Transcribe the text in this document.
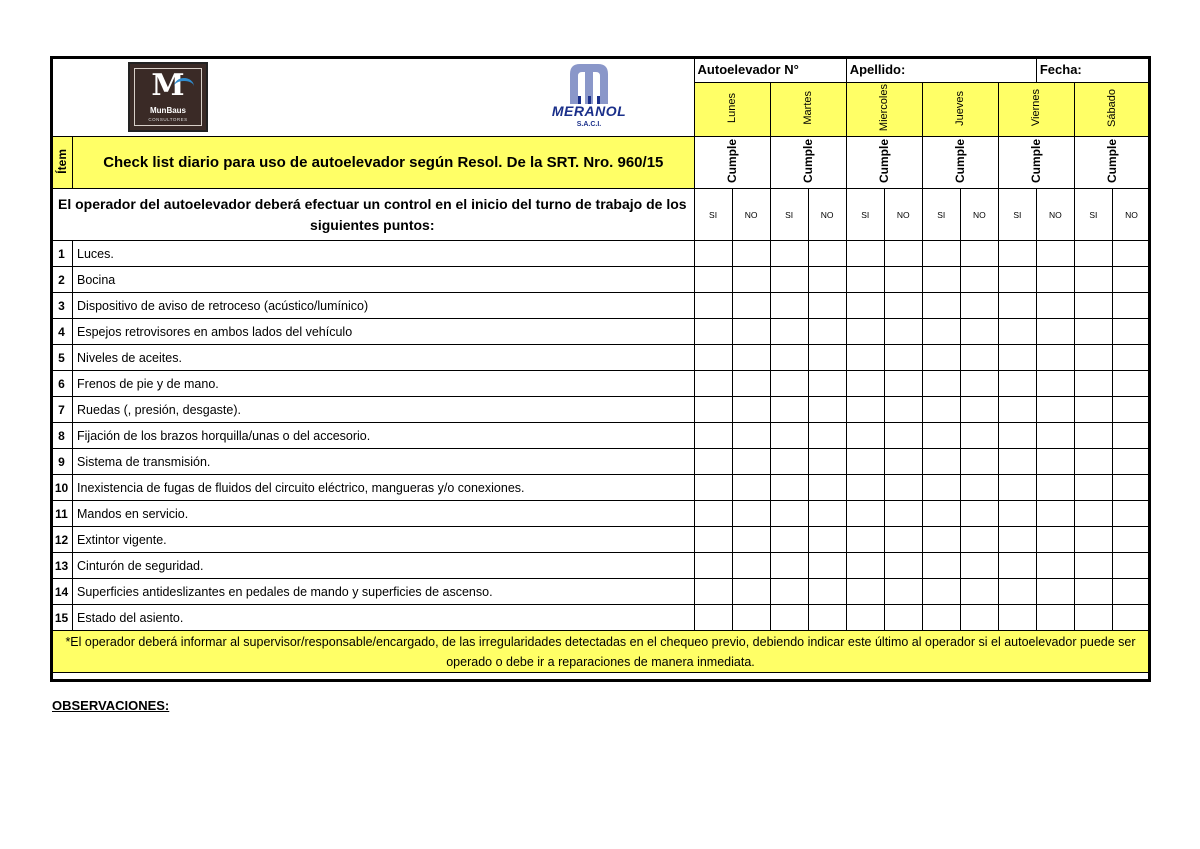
		Autoelevador N°				Apellido:					Fecha:		
		Lunes		Martes		Miercoles		Jueves		Viernes		Sábado	
Ítem	Check list diario para uso de autoelevador según Resol. De la SRT. Nro. 960/15	Cumple		Cumple		Cumple		Cumple		Cumple		Cumple	
El operador del autoelevador deberá efectuar un control en el inicio del turno de trabajo de los siguientes puntos:		SI	NO	SI	NO	SI	NO	SI	NO	SI	NO	SI	NO
1	Luces.												
2	Bocina												
3	Dispositivo de aviso de retroceso (acústico/lumínico)												
4	Espejos retrovisores en ambos lados del vehículo												
5	Niveles de aceites.												
6	Frenos de pie y de mano.												
7	Ruedas (, presión, desgaste).												
8	Fijación de los brazos horquilla/unas o del accesorio.												
9	Sistema de transmisión.												
10	Inexistencia de fugas de fluidos del circuito eléctrico, mangueras y/o conexiones.												
11	Mandos en servicio.												
12	Extintor vigente.												
13	Cinturón de seguridad.												
14	Superficies antideslizantes en pedales de mando y superficies de ascenso.												
15	Estado del asiento.												
*El operador deberá informar al supervisor/responsable/encargado, de las irregularidades detectadas en el chequeo previo, debiendo indicar este último al operador si el autoelevador puede ser operado o debe ir a reparaciones de manera inmediata.													
M
MunBaus
CONSULTORES
MERANOL
S.A.C.I.
OBSERVACIONES:
